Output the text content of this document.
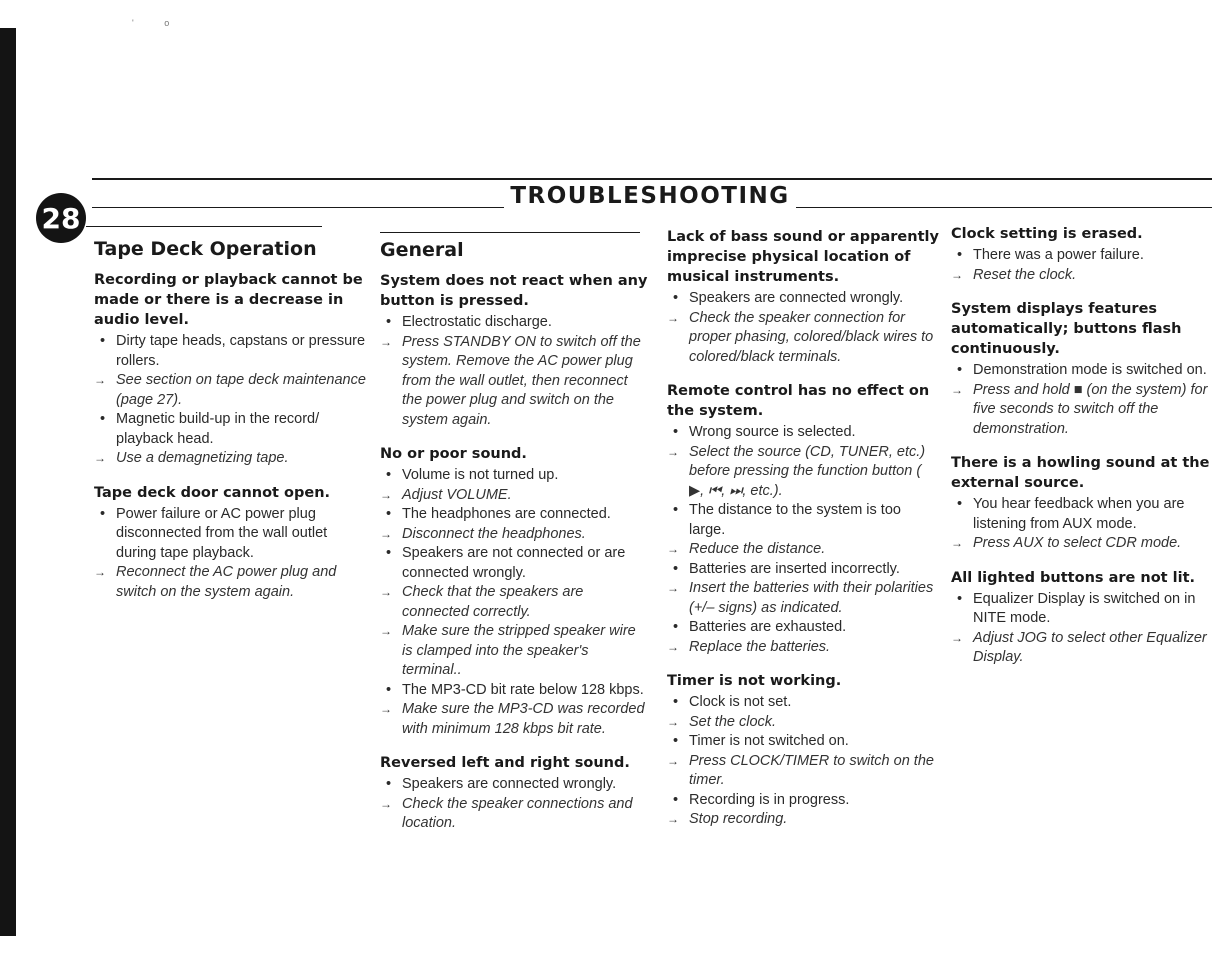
' o
28
TROUBLESHOOTING
Tape Deck Operation
Recording or playback cannot be made or there is a decrease in audio level.
• Dirty tape heads, capstans or pressure rollers.
→ See section on tape deck maintenance (page 27).
• Magnetic build-up in the record/ playback head.
→ Use a demagnetizing tape.
Tape deck door cannot open.
• Power failure or AC power plug disconnected from the wall outlet during tape playback.
→ Reconnect the AC power plug and switch on the system again.
General
System does not react when any button is pressed.
• Electrostatic discharge.
→ Press STANDBY ON to switch off the system. Remove the AC power plug from the wall outlet, then reconnect the power plug and switch on the system again.
No or poor sound.
• Volume is not turned up.
→ Adjust VOLUME.
• The headphones are connected.
→ Disconnect the headphones.
• Speakers are not connected or are connected wrongly.
→ Check that the speakers are connected correctly.
→ Make sure the stripped speaker wire is clamped into the speaker's terminal..
• The MP3-CD bit rate below 128 kbps.
→ Make sure the MP3-CD was recorded with minimum 128 kbps bit rate.
Reversed left and right sound.
• Speakers are connected wrongly.
→ Check the speaker connections and location.
Lack of bass sound or apparently imprecise physical location of musical instruments.
• Speakers are connected wrongly.
→ Check the speaker connection for proper phasing, colored/black wires to colored/black terminals.
Remote control has no effect on the system.
• Wrong source is selected.
→ Select the source (CD, TUNER, etc.) before pressing the function button ( ▶, ⏮, ⏭, etc.).
• The distance to the system is too large.
→ Reduce the distance.
• Batteries are inserted incorrectly.
→ Insert the batteries with their polarities (+/– signs) as indicated.
• Batteries are exhausted.
→ Replace the batteries.
Timer is not working.
• Clock is not set.
→ Set the clock.
• Timer is not switched on.
→ Press CLOCK/TIMER to switch on the timer.
• Recording is in progress.
→ Stop recording.
Clock setting is erased.
• There was a power failure.
→ Reset the clock.
System displays features automatically; buttons flash continuously.
• Demonstration mode is switched on.
→ Press and hold ■ (on the system) for five seconds to switch off the demonstration.
There is a howling sound at the external source.
• You hear feedback when you are listening from AUX mode.
→ Press AUX to select CDR mode.
All lighted buttons are not lit.
• Equalizer Display is switched on in NITE mode.
→ Adjust JOG to select other Equalizer Display.
